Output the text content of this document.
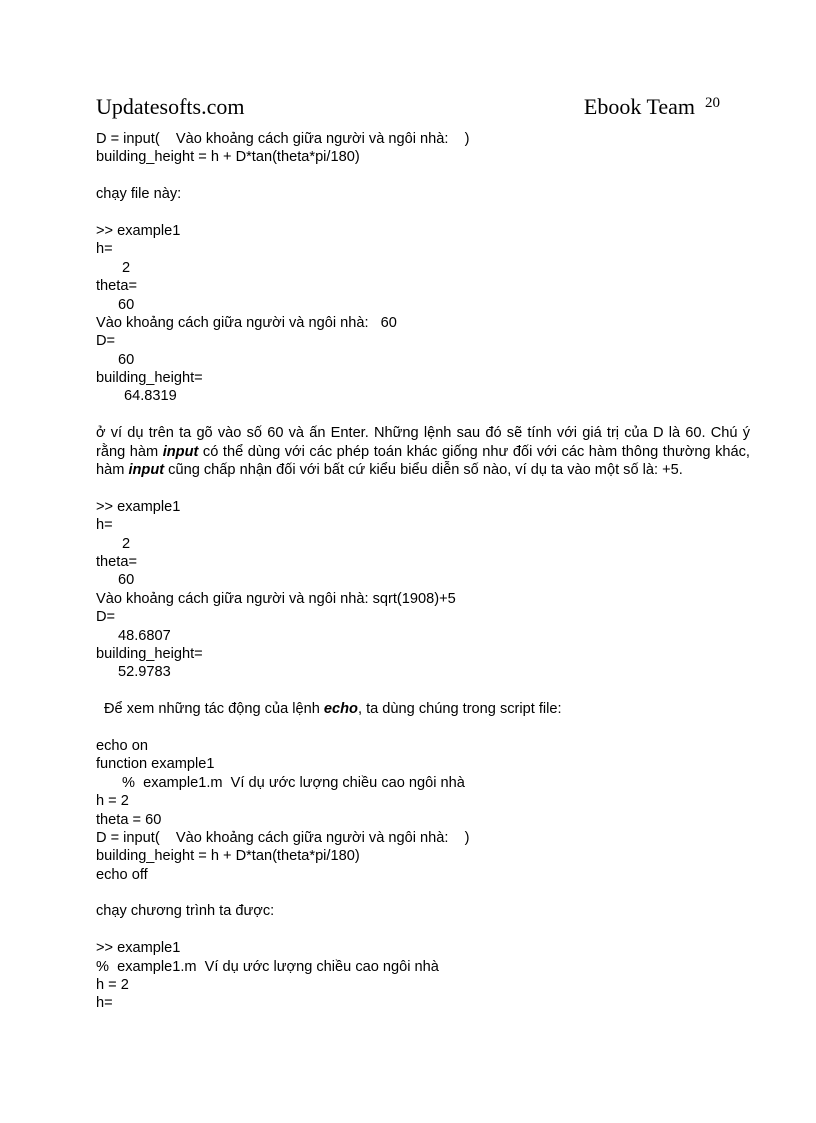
Updatesofts.com	Ebook Team $^{20}$
D = input(    Vào khoảng cách giữa người và ngôi nhà:    )
building_height = h + D*tan(theta*pi/180)
chạy file này:
>> example1
h=
2
theta=
60
Vào khoảng cách giữa người và ngôi nhà:   60
D=
60
building_height=
64.8319
ở ví dụ trên ta gõ vào số 60 và ấn Enter. Những lệnh sau đó sẽ tính với giá trị của D là 60. Chú ý rằng hàm input có thể dùng với các phép toán khác giống như đối với các hàm thông thường khác, hàm input cũng chấp nhận đối với bất cứ kiểu biểu diễn số nào, ví dụ ta vào một số là: +5.
>> example1
h=
2
theta=
60
Vào khoảng cách giữa người và ngôi nhà: sqrt(1908)+5
D=
48.6807
building_height=
52.9783
Để xem những tác động của lệnh echo, ta dùng chúng trong script file:
echo on
function example1
%  example1.m  Ví dụ ước lượng chiều cao ngôi nhà
h = 2
theta = 60
D = input(    Vào khoảng cách giữa người và ngôi nhà:    )
building_height = h + D*tan(theta*pi/180)
echo off
chạy chương trình ta được:
>> example1
%  example1.m  Ví dụ ước lượng chiều cao ngôi nhà
h = 2
h=
